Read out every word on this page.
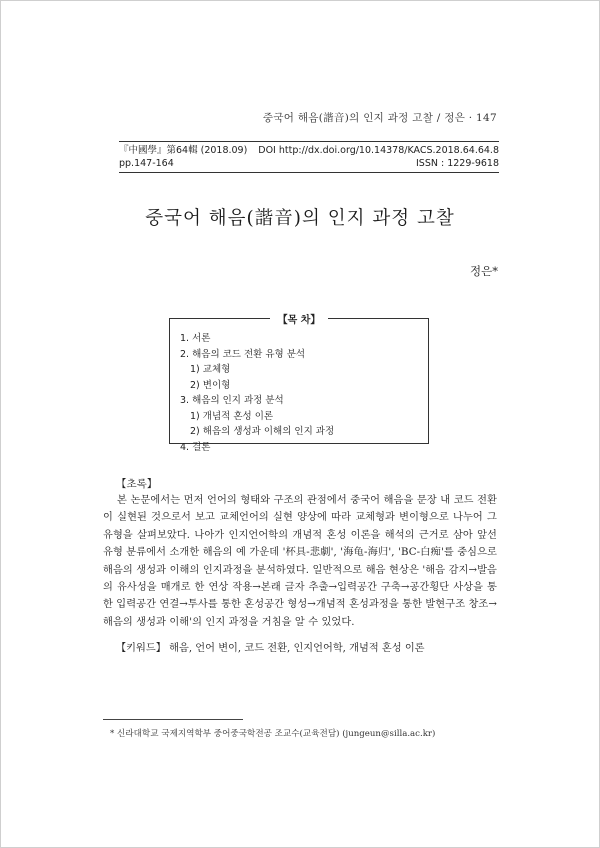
중국어 해음(諧音)의 인지 과정 고찰 / 정은 · 147
『中國學』第64輯 (2018.09) DOI http://dx.doi.org/10.14378/KACS.2018.64.64.8
pp.147-164	ISSN : 1229-9618
중국어 해음(諧音)의 인지 과정 고찰
정은*
【목 차】
1. 서론
2. 해음의 코드 전환 유형 분석
1) 교체형
2) 변이형
3. 해음의 인지 과정 분석
1) 개념적 혼성 이론
2) 해음의 생성과 이해의 인지 과정
4. 결론
【초록】
본 논문에서는 먼저 언어의 형태와 구조의 관점에서 중국어 해음을 문장 내 코드 전환이 실현된 것으로서 보고 교체언어의 실현 양상에 따라 교체형과 변이형으로 나누어 그 유형을 살펴보았다. 나아가 인지언어학의 개념적 혼성 이론을 해석의 근거로 삼아 앞선 유형 분류에서 소개한 해음의 예 가운데 '杯具-悲劇', '海龟-海归', 'BC-白痴'를 중심으로 해음의 생성과 이해의 인지과정을 분석하였다. 일반적으로 해음 현상은 '해음 감지→발음의 유사성을 매개로 한 연상 작용→본래 글자 추출→입력공간 구축→공간횡단 사상을 통한 입력공간 연결→투사를 통한 혼성공간 형성→개념적 혼성과정을 통한 발현구조 창조→해음의 생성과 이해'의 인지 과정을 거침을 알 수 있었다.
【키워드】 해음, 언어 변이, 코드 전환, 인지언어학, 개념적 혼성 이론
* 신라대학교 국제지역학부 중어중국학전공 조교수(교육전담) (jungeun@silla.ac.kr)
